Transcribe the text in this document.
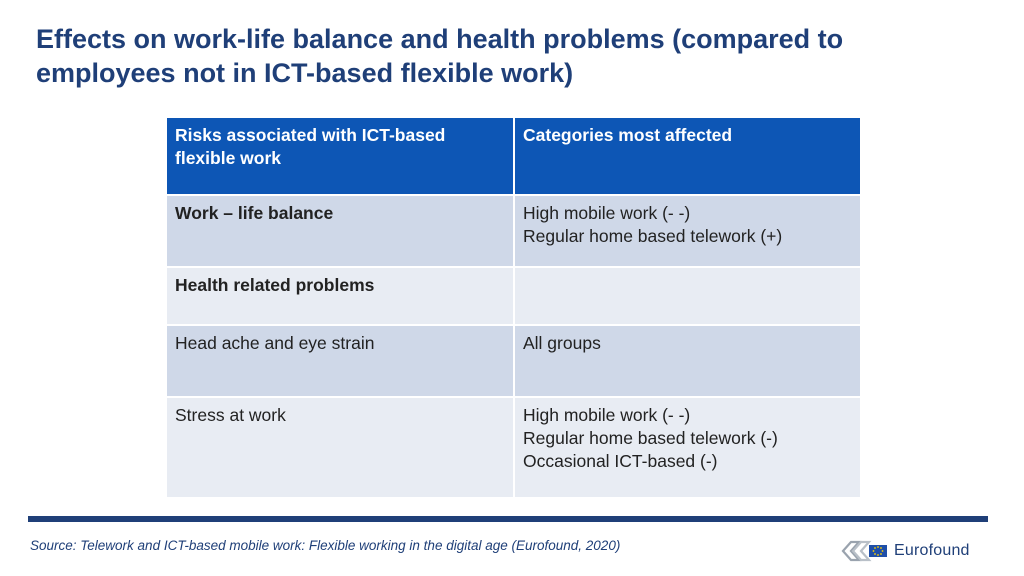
Effects on work-life balance and health problems (compared to
employees not in ICT-based flexible work)
Risks associated with ICT-based flexible work	Categories most affected
Work – life balance	High mobile work (- -)
Regular home based telework (+)

Health related problems	
Head ache and eye strain	All groups

Stress at work	High mobile work (- -)
Regular home based telework (-)
Occasional ICT-based (-)
Source: Telework and ICT-based mobile work: Flexible working in the digital age (Eurofound, 2020)	Eurofound
